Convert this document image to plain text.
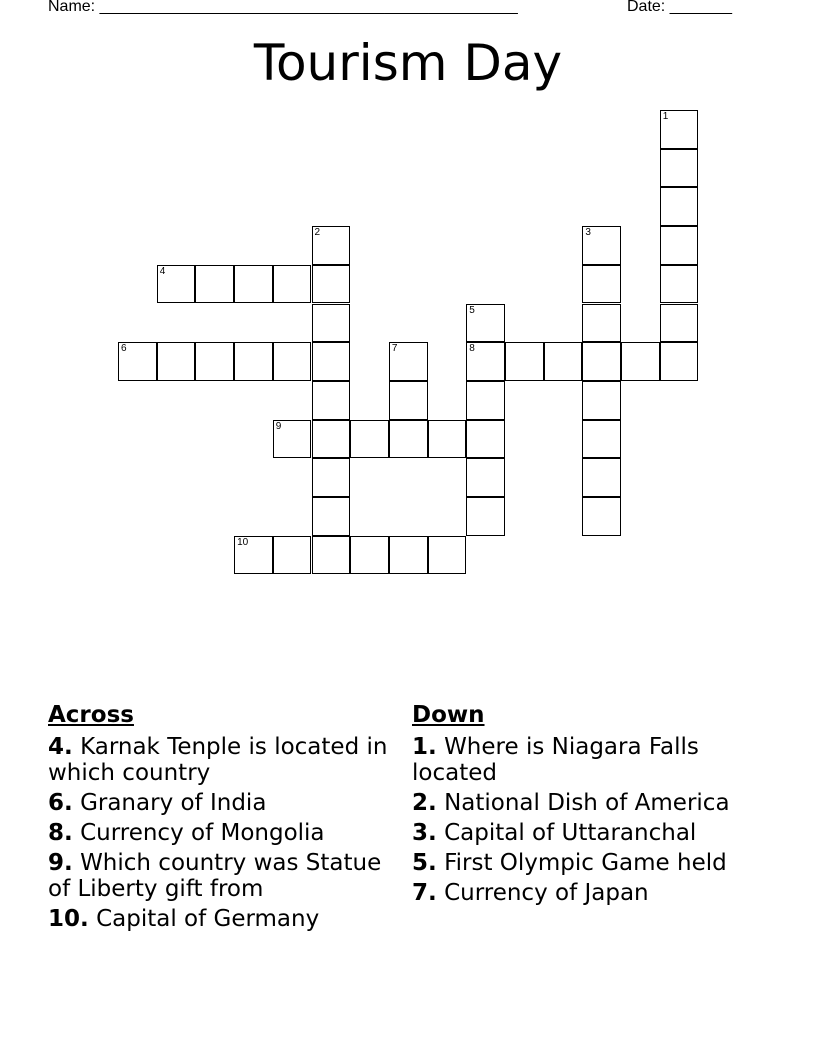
Name: _______________________________________________	Date: _______
Tourism Day
1
2	3
4
5
8
6	7
9
10
Across
4. Karnak Tenple is located in which country
6. Granary of India
8. Currency of Mongolia
9. Which country was Statue of Liberty gift from
10. Capital of Germany
Down
1. Where is Niagara Falls located
2. National Dish of America
3. Capital of Uttaranchal
5. First Olympic Game held
7. Currency of Japan
